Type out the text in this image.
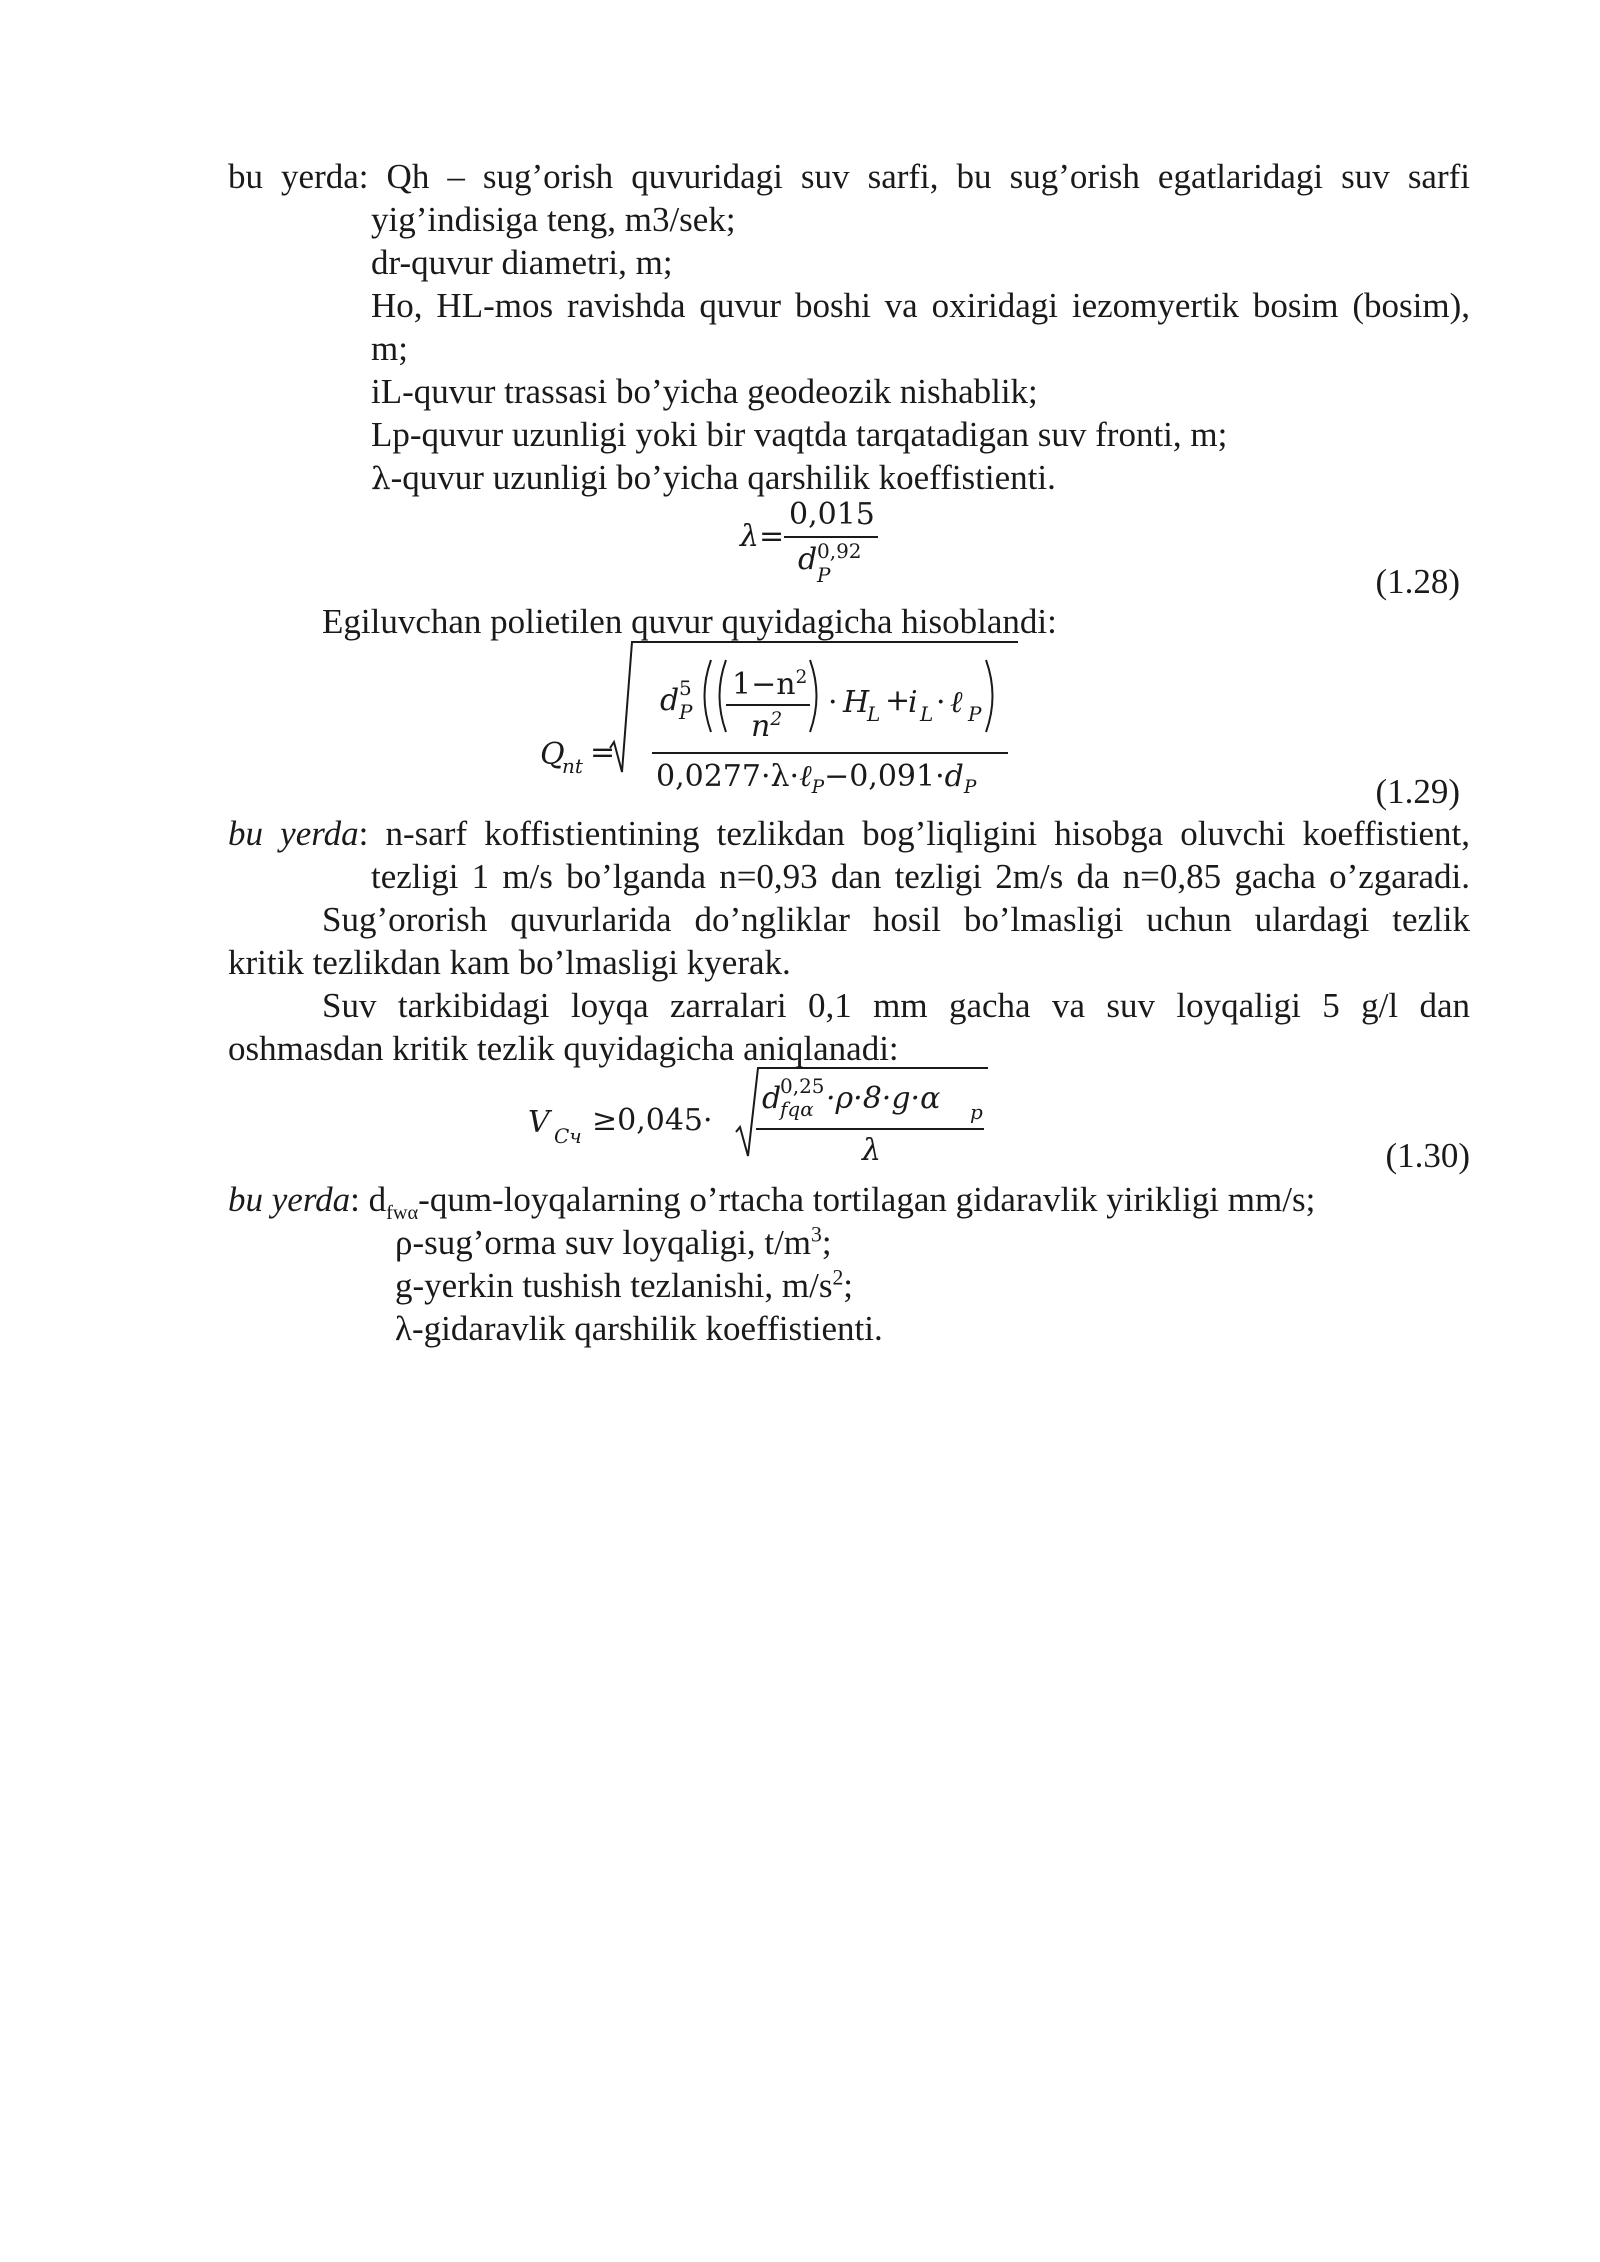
bu yerda: Qh – sug’orish quvuridagi suv sarfi, bu sug’orish egatlaridagi suv sarfi
yig’indisiga teng, m3/sek;
dr-quvur diametri, m;
Ho, HL-mos ravishda quvur boshi va oxiridagi iezomyertik bosim (bosim),
m;
iL-quvur trassasi bo’yicha geodeozik nishablik;
Lp-quvur uzunligi yoki bir vaqtda tarqatadigan suv fronti, m;
λ-quvur uzunligi bo’yicha qarshilik koeffistienti.
λ=
0,015
d 0,92
P	(1.28)
Egiluvchan polietilen quvur quyidagicha hisoblandi:
Q
nt =
d 5
P
$1-n^2$
$n^2 \cdot H$
L +
i L · ℓ P
$0,0277\cdot\lambda\cdot\ell_P-0,091\cdot d_P$	(1.29)
bu yerda: n-sarf koffistientining tezlikdan bog’liqligini hisobga oluvchi koeffistient,
tezligi 1 m/s bo’lganda n=0,93 dan tezligi 2m/s da n=0,85 gacha o’zgaradi.
Sug’ororish quvurlarida do’ngliklar hosil bo’lmasligi uchun ulardagi tezlik
kritik tezlikdan kam bo’lmasligi kyerak.
Suv tarkibidagi loyqa zarralari 0,1 mm gacha va suv loyqaligi 5 g/l dan
oshmasdan kritik tezlik quyidagicha aniqlanadi:
V Cч ≥0,045·
d
0,25
fqα ·ρ·8·g·α p
λ	(1.30)
bu yerda: $d_{fw\alpha}-qum$-loyqalarning o’rtacha tortilagan gidaravlik yirikligi mm/s;
ρ-sug’orma suv loyqaligi, $t/m^3$;
g-yerkin tushish tezlanishi, $m/s^2$;
λ-gidaravlik qarshilik koeffistienti.
